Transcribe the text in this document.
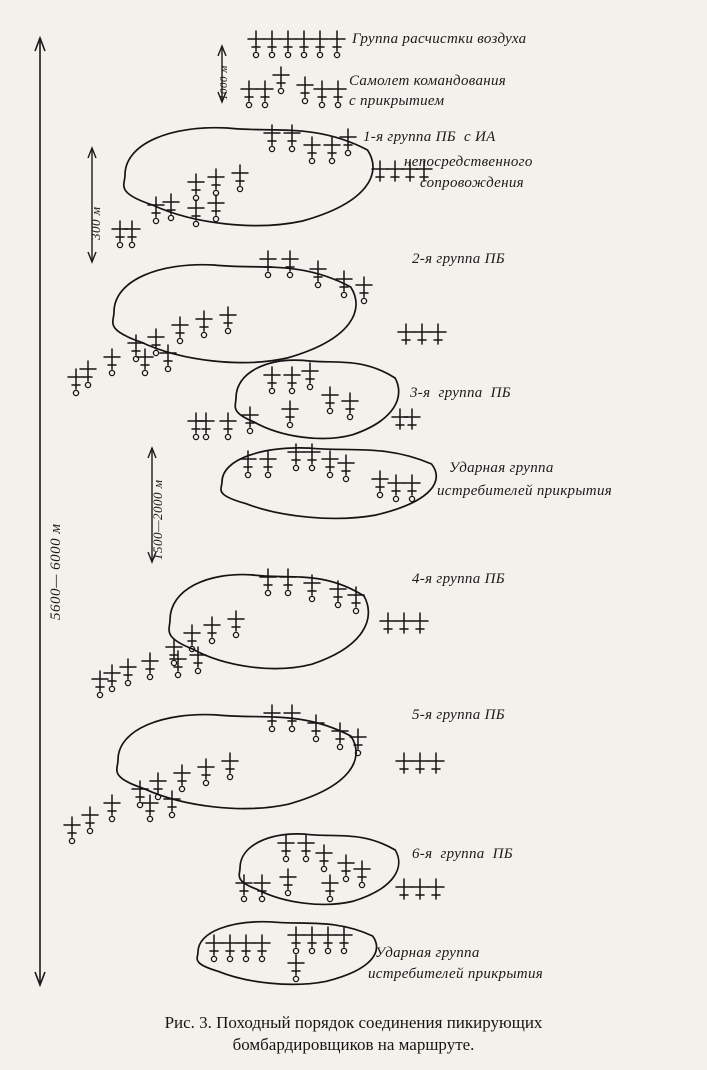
Группа расчистки воздуха
Самолет командования
с прикрытием
1-я группа ПБ  с ИА
непосредственного
сопровождения
2-я группа ПБ
3-я  группа  ПБ
Ударная группа
истребителей прикрытия
4-я группа ПБ
5-я группа ПБ
6-я  группа  ПБ
Ударная группа
истребителей прикрытия
5600— 6000 м
300 м
1500—2000 м
1000 м
Рис. 3. Походный порядок соединения пикирующих
бомбардировщиков на маршруте.
